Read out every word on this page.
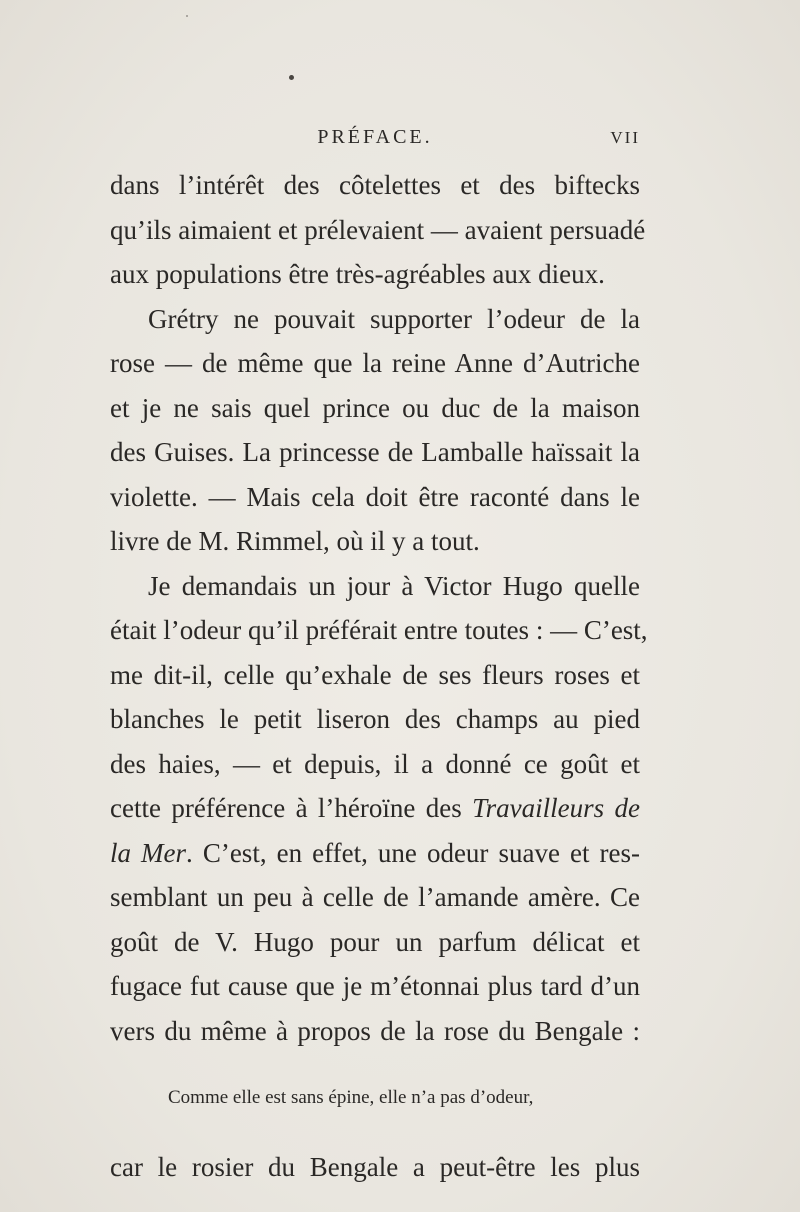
PRÉFACE.	VII
dans l’intérêt des côtelettes et des biftecks
qu’ils aimaient et prélevaient — avaient persuadé
aux populations être très-agréables aux dieux.
Grétry ne pouvait supporter l’odeur de la
rose — de même que la reine Anne d’Autriche
et je ne sais quel prince ou duc de la maison
des Guises. La princesse de Lamballe haïssait la
violette. — Mais cela doit être raconté dans le
livre de M. Rimmel, où il y a tout.
Je demandais un jour à Victor Hugo quelle
était l’odeur qu’il préférait entre toutes : — C’est,
me dit-il, celle qu’exhale de ses fleurs roses et
blanches le petit liseron des champs au pied
des haies, — et depuis, il a donné ce goût et
cette préférence à l’héroïne des Travailleurs de
la Mer. C’est, en effet, une odeur suave et res-
semblant un peu à celle de l’amande amère. Ce
goût de V. Hugo pour un parfum délicat et
fugace fut cause que je m’étonnai plus tard d’un
vers du même à propos de la rose du Bengale :
Comme elle est sans épine, elle n’a pas d’odeur,
car le rosier du Bengale a peut-être les plus
